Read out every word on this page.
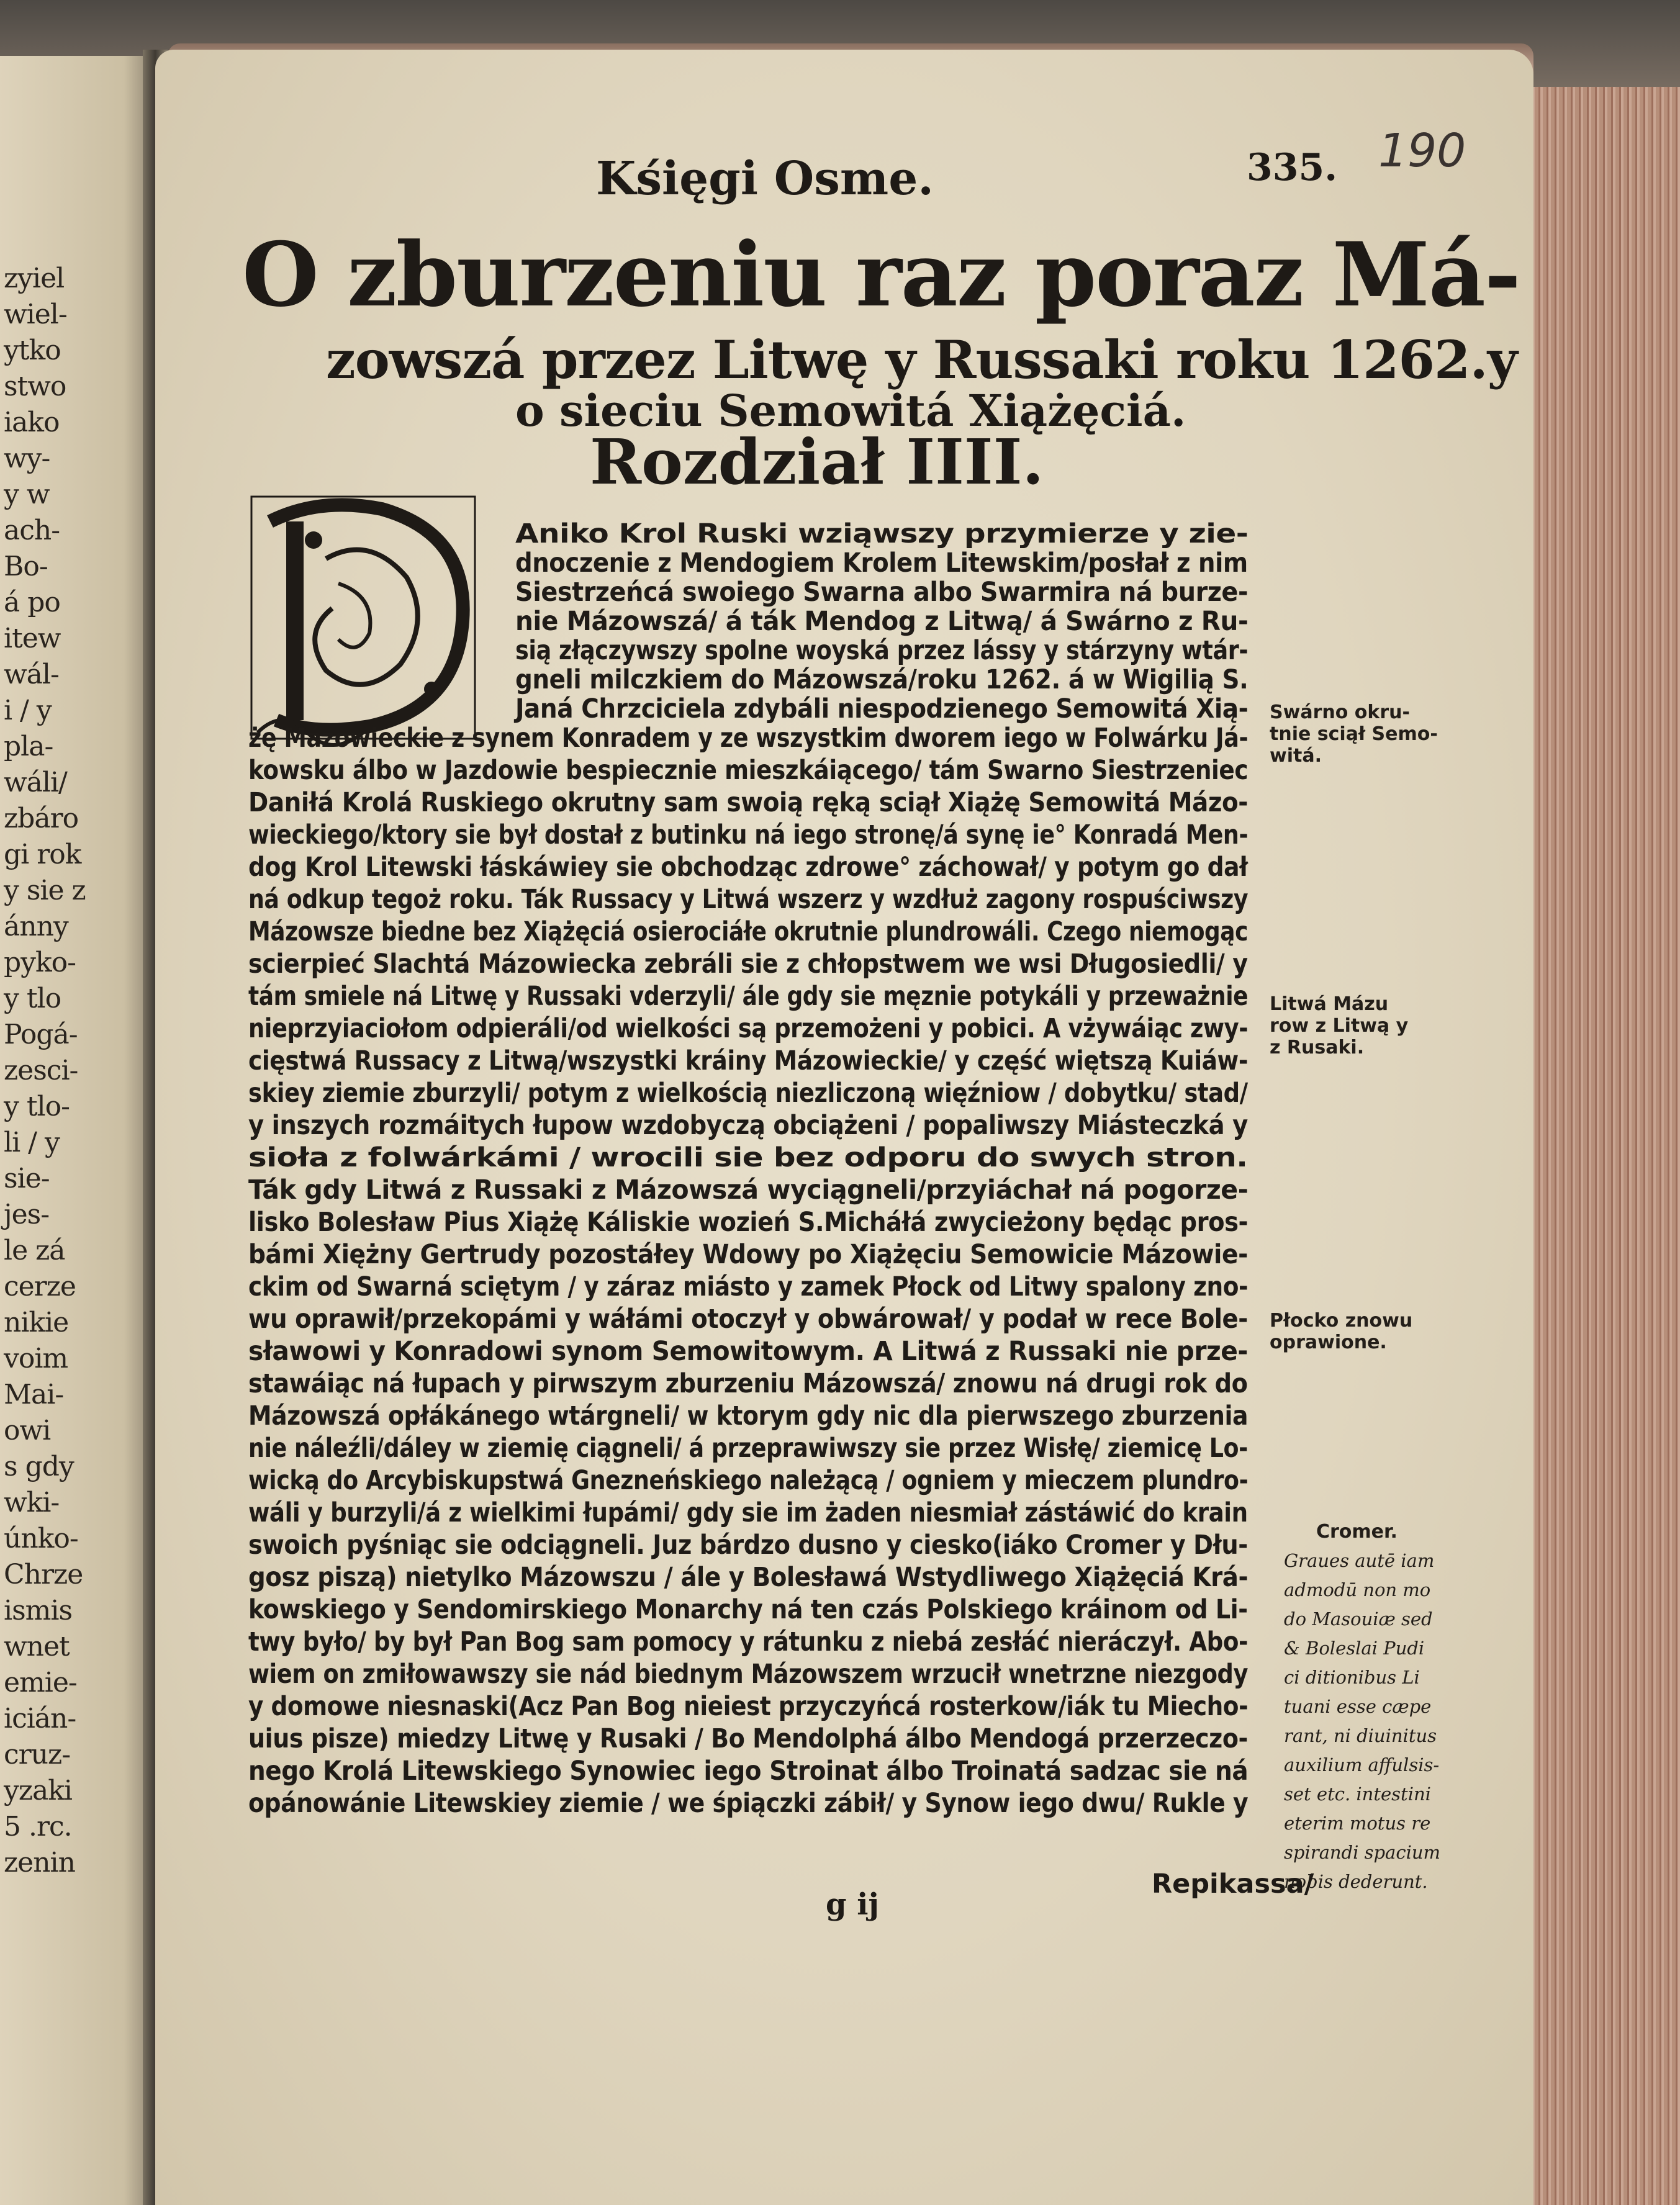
zyiel
wiel-
ytko
stwo
iako
wy-
y w
ach-
Bo-
á po
itew
wál-
i / y
pla-
wáli/
zbáro
gi rok
y sie z
ánny
pyko-
y tlo
Pogá-
zesci-
y tlo-
li / y
sie-
jes-
le zá
cerze
nikie
voim
Mai-
owi
s gdy
wki-
únko-
Chrze
ismis
wnet
emie-
icián-
cruz-
yzaki
5 .rc.
zenin
Kśięgi Osme.	335. 190
O zburzeniu raz poraz Má-
zowszá przez Litwę y Russaki roku 1262.y
o sieciu Semowitá Xiążęciá.
Rozdział IIII.
Aniko Krol Ruski wziąwszy przymierze y zie-
dnoczenie z Mendogiem Krolem Litewskim/posłał z nim
Siestrzeńcá swoiego Swarna albo Swarmira ná burze-
nie Mázowszá/ á ták Mendog z Litwą/ á Swárno z Ru-
sią złączywszy spolne woyská przez lássy y stárzyny wtár-
gneli milczkiem do Mázowszá/roku 1262. á w Wigilią S.
Janá Chrzciciela zdybáli niespodzienego Semowitá Xią-
żę Mázowieckie z synem Konradem y ze wszystkim dworem iego w Folwárku Já-
kowsku álbo w Jazdowie bespiecznie mieszkáiącego/ tám Swarno Siestrzeniec
Daniłá Krolá Ruskiego okrutny sam swoią ręką sciął Xiążę Semowitá Mázo-
wieckiego/ktory sie był dostał z butinku ná iego stronę/á synę ie° Konradá Men-
dog Krol Litewski łáskáwiey sie obchodząc zdrowe° záchował/ y potym go dał
ná odkup tegoż roku. Ták Russacy y Litwá wszerz y wzdłuż zagony rospuściwszy
Mázowsze biedne bez Xiążęciá osierociáłe okrutnie plundrowáli. Czego niemogąc
scierpieć Slachtá Mázowiecka zebráli sie z chłopstwem we wsi Długosiedli/ y
tám smiele ná Litwę y Russaki vderzyli/ ále gdy sie męznie potykáli y przeważnie
nieprzyiaciołom odpieráli/od wielkości są przemożeni y pobici. A vżywáiąc zwy-
cięstwá Russacy z Litwą/wszystki kráiny Mázowieckie/ y część więtszą Kuiáw-
skiey ziemie zburzyli/ potym z wielkością niezliczoną więźniow / dobytku/ stad/
y inszych rozmáitych łupow wzdobyczą obciążeni / popaliwszy Miásteczká y
sioła z folwárkámi / wrocili sie bez odporu do swych stron.
Ták gdy Litwá z Russaki z Mázowszá wyciągneli/przyiáchał ná pogorze-
lisko Bolesław Pius Xiążę Káliskie wozień S.Micháłá zwycieżony będąc pros-
bámi Xiężny Gertrudy pozostáłey Wdowy po Xiążęciu Semowicie Mázowie-
ckim od Swarná sciętym / y záraz miásto y zamek Płock od Litwy spalony zno-
wu oprawił/przekopámi y wáłámi otoczył y obwárował/ y podał w rece Bole-
sławowi y Konradowi synom Semowitowym. A Litwá z Russaki nie prze-
stawáiąc ná łupach y pirwszym zburzeniu Mázowszá/ znowu ná drugi rok do
Mázowszá opłákánego wtárgneli/ w ktorym gdy nic dla pierwszego zburzenia
nie náleźli/dáley w ziemię ciągneli/ á przeprawiwszy sie przez Wisłę/ ziemicę Lo-
wicką do Arcybiskupstwá Gnezneńskiego należącą / ogniem y mieczem plundro-
wáli y burzyli/á z wielkimi łupámi/ gdy sie im żaden niesmiał zástáwić do krain
swoich pyśniąc sie odciągneli. Juz bárdzo dusno y ciesko(iáko Cromer y Dłu-
gosz piszą) nietylko Mázowszu / ále y Bolesławá Wstydliwego Xiążęciá Krá-
kowskiego y Sendomirskiego Monarchy ná ten czás Polskiego kráinom od Li-
twy było/ by był Pan Bog sam pomocy y rátunku z niebá zesłáć nieráczył. Abo-
wiem on zmiłowawszy sie nád biednym Mázowszem wrzucił wnetrzne niezgody
y domowe niesnaski(Acz Pan Bog nieiest przyczyńcá rosterkow/iák tu Miecho-
uius pisze) miedzy Litwę y Rusaki / Bo Mendolphá álbo Mendogá przerzeczo-
nego Krolá Litewskiego Synowiec iego Stroinat álbo Troinatá sadzac sie ná
opánowánie Litewskiey ziemie / we śpiączki zábił/ y Synow iego dwu/ Rukle y
Swárno okru-
tnie sciął Semo-
witá.
Litwá Mázu
row z Litwą y
z Rusaki.
Płocko znowu
oprawione.
Cromer.
Graues autē iam
admodū non mo
do Masouiæ sed
& Boleslai Pudi
ci ditionibus Li
tuani esse cæpe
rant, ni diuinitus
auxilium affulsis-
set etc. intestini
eterim motus re
spirandi spacium
nobis dederunt.
g ij
Repikassa/
